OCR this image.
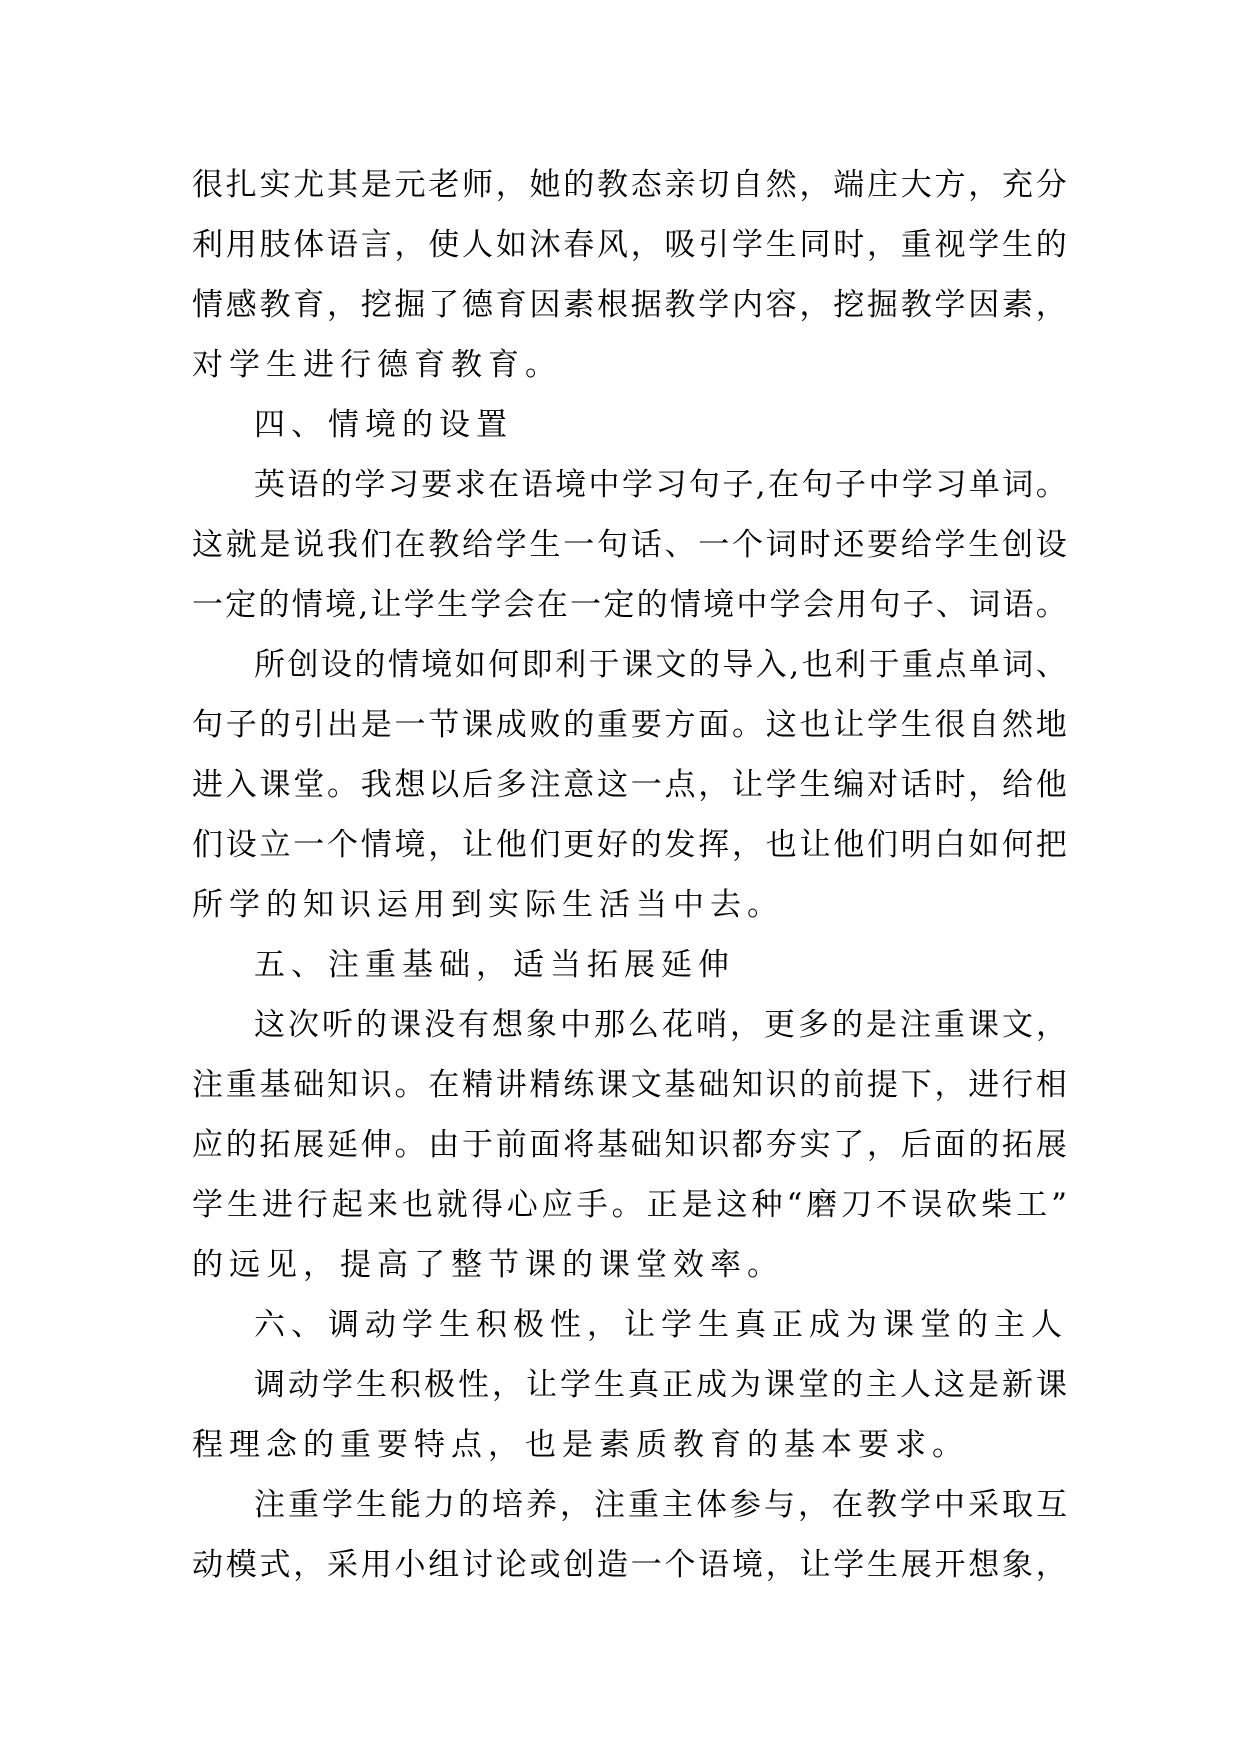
很 扎 实 尤 其 是 元 老 师 ， 她 的 教 态 亲 切 自 然 ， 端 庄 大 方 ， 充 分
利 用 肢 体 语 言 ， 使 人 如 沐 春 风 ， 吸 引 学 生 同 时 ， 重 视 学 生 的
情 感 教 育 ， 挖 掘 了 德 育 因 素 根 据 教 学 内 容 ， 挖 掘 教 学 因 素 ，
对学生进行德育教育。
四、情境的设置
英 语 的 学 习 要 求 在 语 境 中 学 习 句 子 , 在 句 子 中 学 习 单 词 。
这 就 是 说 我 们 在 教 给 学 生 一 句 话 、 一 个 词 时 还 要 给 学 生 创 设
一 定 的 情 境 , 让 学 生 学 会 在 一 定 的 情 境 中 学 会 用 句 子 、 词 语 。
所 创 设 的 情 境 如 何 即 利 于 课 文 的 导 入 , 也 利 于 重 点 单 词 、
句 子 的 引 出 是 一 节 课 成 败 的 重 要 方 面 。 这 也 让 学 生 很 自 然 地
进 入 课 堂 。 我 想 以 后 多 注 意 这 一 点 ， 让 学 生 编 对 话 时 ， 给 他
们 设 立 一 个 情 境 ， 让 他 们 更 好 的 发 挥 ， 也 让 他 们 明 白 如 何 把
所学的知识运用到实际生活当中去。
五、注重基础，适当拓展延伸
这 次 听 的 课 没 有 想 象 中 那 么 花 哨 ， 更 多 的 是 注 重 课 文 ，
注 重 基 础 知 识 。 在 精 讲 精 练 课 文 基 础 知 识 的 前 提 下 ， 进 行 相
应 的 拓 展 延 伸 。 由 于 前 面 将 基 础 知 识 都 夯 实 了 ， 后 面 的 拓 展
学 生 进 行 起 来 也 就 得 心 应 手 。 正 是 这 种 “ 磨 刀 不 误 砍 柴 工 ”
的远见，提高了整节课的课堂效率。
六、调动学生积极性，让学生真正成为课堂的主人
调 动 学 生 积 极 性 ， 让 学 生 真 正 成 为 课 堂 的 主 人 这 是 新 课
程理念的重要特点，也是素质教育的基本要求。
注 重 学 生 能 力 的 培 养 ， 注 重 主 体 参 与 ， 在 教 学 中 采 取 互
动 模 式 ， 采 用 小 组 讨 论 或 创 造 一 个 语 境 ， 让 学 生 展 开 想 象 ，
